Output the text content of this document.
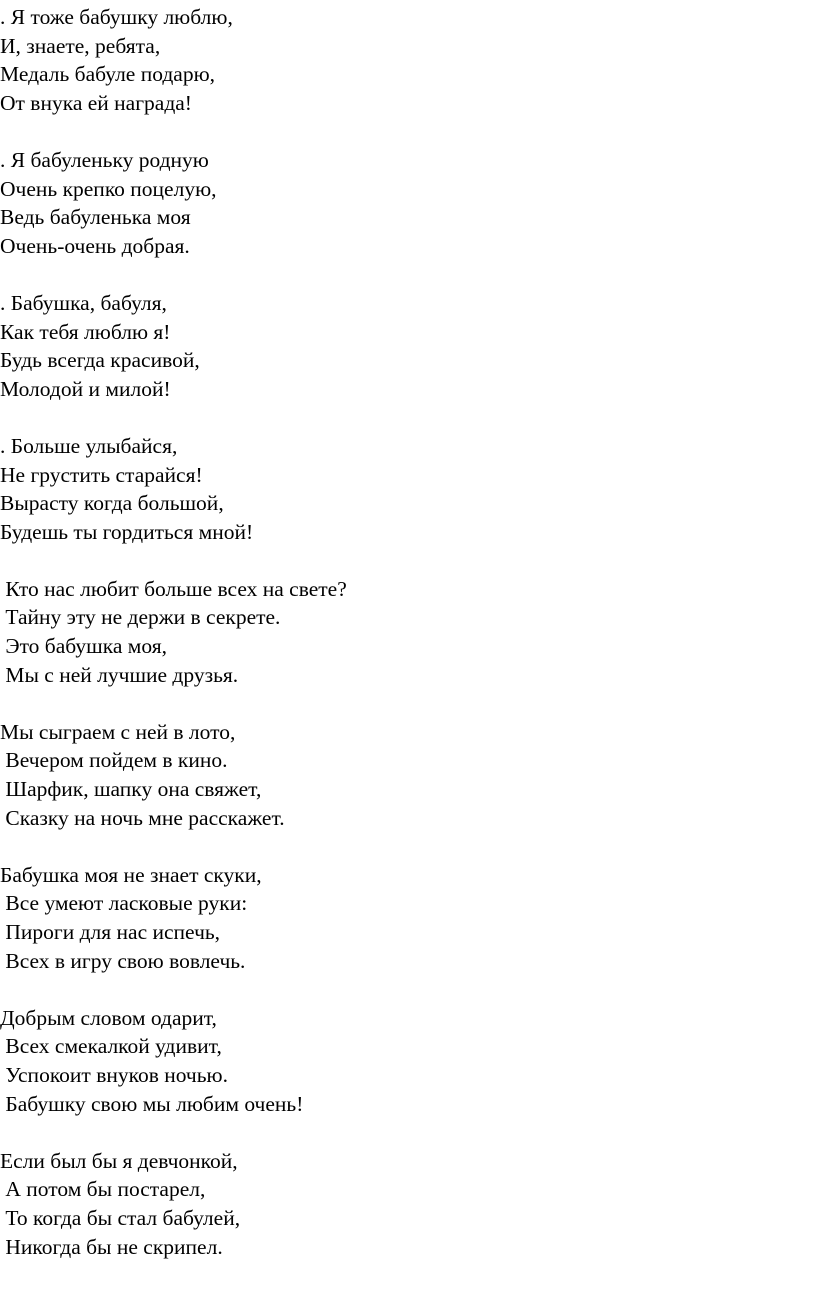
. Я тоже бабушку люблю,
И, знаете, ребята,
Медаль бабуле подарю,
От внука ей награда!
. Я бабуленьку родную
Очень крепко поцелую,
Ведь бабуленька моя
Очень-очень добрая.
. Бабушка, бабуля,
Как тебя люблю я!
Будь всегда красивой,
Молодой и милой!
. Больше улыбайся,
Не грустить старайся!
Вырасту когда большой,
Будешь ты гордиться мной!
Кто нас любит больше всех на свете?
Тайну эту не держи в секрете.
Это бабушка моя,
Мы с ней лучшие друзья.
Мы сыграем с ней в лото,
Вечером пойдем в кино.
Шарфик, шапку она свяжет,
Сказку на ночь мне расскажет.
Бабушка моя не знает скуки,
Все умеют ласковые руки:
Пироги для нас испечь,
Всех в игру свою вовлечь.
Добрым словом одарит,
Всех смекалкой удивит,
Успокоит внуков ночью.
Бабушку свою мы любим очень!
Если был бы я девчонкой,
А потом бы постарел,
То когда бы стал бабулей,
Никогда бы не скрипел.
